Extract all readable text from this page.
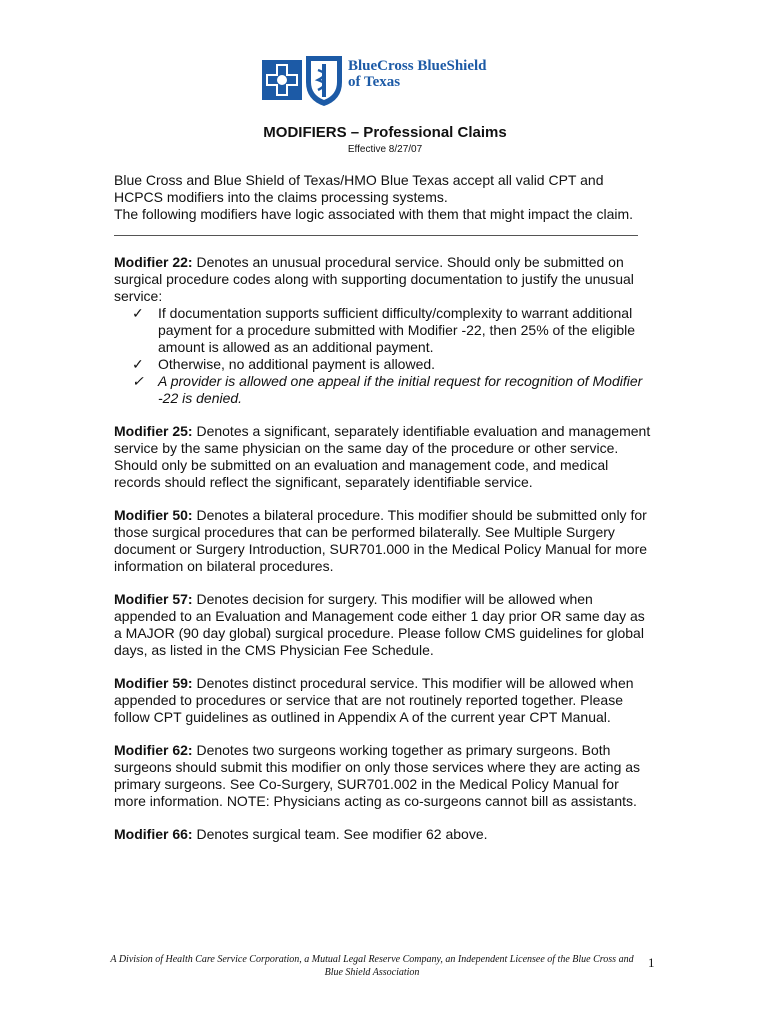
BlueCross BlueShield
of Texas
MODIFIERS – Professional Claims
Effective 8/27/07

Blue Cross and Blue Shield of Texas/HMO Blue Texas accept all valid CPT and HCPCS modifiers into the claims processing systems.

The following modifiers have logic associated with them that might impact the claim.

Modifier 22: Denotes an unusual procedural service. Should only be submitted on surgical procedure codes along with supporting documentation to justify the unusual service:
✓ If documentation supports sufficient difficulty/complexity to warrant additional payment for a procedure submitted with Modifier -22, then 25% of the eligible amount is allowed as an additional payment.
✓ Otherwise, no additional payment is allowed.
✓ A provider is allowed one appeal if the initial request for recognition of Modifier -22 is denied.
Modifier 25: Denotes a significant, separately identifiable evaluation and management service by the same physician on the same day of the procedure or other service. Should only be submitted on an evaluation and management code, and medical records should reflect the significant, separately identifiable service.
Modifier 50: Denotes a bilateral procedure. This modifier should be submitted only for those surgical procedures that can be performed bilaterally. See Multiple Surgery document or Surgery Introduction, SUR701.000 in the Medical Policy Manual for more information on bilateral procedures.
Modifier 57: Denotes decision for surgery. This modifier will be allowed when appended to an Evaluation and Management code either 1 day prior OR same day as a MAJOR (90 day global) surgical procedure. Please follow CMS guidelines for global days, as listed in the CMS Physician Fee Schedule.
Modifier 59: Denotes distinct procedural service. This modifier will be allowed when appended to procedures or service that are not routinely reported together. Please follow CPT guidelines as outlined in Appendix A of the current year CPT Manual.
Modifier 62: Denotes two surgeons working together as primary surgeons. Both surgeons should submit this modifier on only those services where they are acting as primary surgeons. See Co-Surgery, SUR701.002 in the Medical Policy Manual for more information. NOTE: Physicians acting as co-surgeons cannot bill as assistants.
Modifier 66: Denotes surgical team. See modifier 62 above.
A Division of Health Care Service Corporation, a Mutual Legal Reserve Company, an Independent Licensee of the Blue Cross and Blue Shield Association
1
